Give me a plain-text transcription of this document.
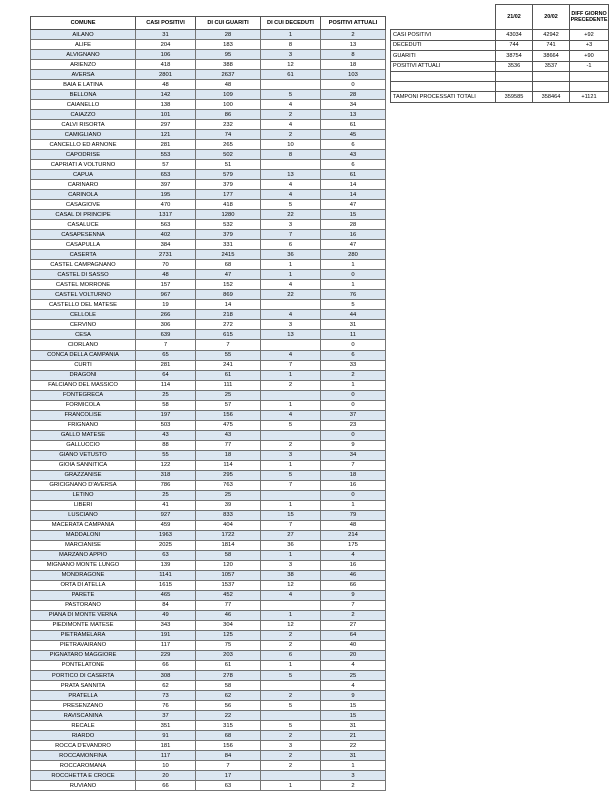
COMUNE	CASI POSITIVI	DI CUI GUARITI	DI CUI DECEDUTI	POSITIVI ATTUALI
AILANO	31	28	1	2
ALIFE	204	183	8	13
ALVIGNANO	106	95	3	8
ARIENZO	418	388	12	18
AVERSA	2801	2637	61	103
BAIA E LATINA	48	48		0
BELLONA	142	109	5	28
CAIANELLO	138	100	4	34
CAIAZZO	101	86	2	13
CALVI RISORTA	297	232	4	61
CAMIGLIANO	121	74	2	45
CANCELLO ED ARNONE	281	265	10	6
CAPODRISE	553	502	8	43
CAPRIATI A VOLTURNO	57	51		6
CAPUA	653	579	13	61
CARINARO	397	379	4	14
CARINOLA	195	177	4	14
CASAGIOVE	470	418	5	47
CASAL DI PRINCIPE	1317	1280	22	15
CASALUCE	563	532	3	28
CASAPESENNA	402	379	7	16
CASAPULLA	384	331	6	47
CASERTA	2731	2415	36	280
CASTEL CAMPAGNANO	70	68	1	1
CASTEL DI SASSO	48	47	1	0
CASTEL MORRONE	157	152	4	1
CASTEL VOLTURNO	967	869	22	76
CASTELLO DEL MATESE	19	14		5
CELLOLE	266	218	4	44
CERVINO	306	272	3	31
CESA	639	615	13	11
CIORLANO	7	7		0
CONCA DELLA CAMPANIA	65	55	4	6
CURTI	281	241	7	33
DRAGONI	64	61	1	2
FALCIANO DEL MASSICO	114	111	2	1
FONTEGRECA	25	25		0
FORMICOLA	58	57	1	0
FRANCOLISE	197	156	4	37
FRIGNANO	503	475	5	23
GALLO MATESE	43	43		0
GALLUCCIO	88	77	2	9
GIANO VETUSTO	55	18	3	34
GIOIA SANNITICA	122	114	1	7
GRAZZANISE	318	295	5	18
GRICIGNANO D'AVERSA	786	763	7	16
LETINO	25	25		0
LIBERI	41	39	1	1
LUSCIANO	927	833	15	79
MACERATA CAMPANIA	459	404	7	48
MADDALONI	1963	1722	27	214
MARCIANISE	2025	1814	36	175
MARZANO APPIO	63	58	1	4
MIGNANO MONTE LUNGO	139	120	3	16
MONDRAGONE	1141	1057	38	46
ORTA DI ATELLA	1615	1537	12	66
PARETE	465	452	4	9
PASTORANO	84	77		7
PIANA DI MONTE VERNA	49	46	1	2
PIEDIMONTE MATESE	343	304	12	27
PIETRAMELARA	191	125	2	64
PIETRAVAIRANO	117	75	2	40
PIGNATARO MAGGIORE	229	203	6	20
PONTELATONE	66	61	1	4
PORTICO DI CASERTA	308	278	5	25
PRATA SANNITA	62	58		4
PRATELLA	73	62	2	9
PRESENZANO	76	56	5	15
RAVISCANINA	37	22		15
RECALE	351	315	5	31
RIARDO	91	68	2	21
ROCCA D'EVANDRO	181	156	3	22
ROCCAMONFINA	117	84	2	31
ROCCAROMANA	10	7	2	1
ROCCHETTA E CROCE	20	17		3
RUVIANO	66	63	1	2
	21/02	20/02	DIFF GIORNO PRECEDENTE
CASI POSITIVI	43034	42942	+92
DECEDUTI	744	741	+3
GUARITI	38754	38664	+90
POSITIVI ATTUALI	3536	3537	-1

TAMPONI PROCESSATI TOTALI	359585	358464	+1121
